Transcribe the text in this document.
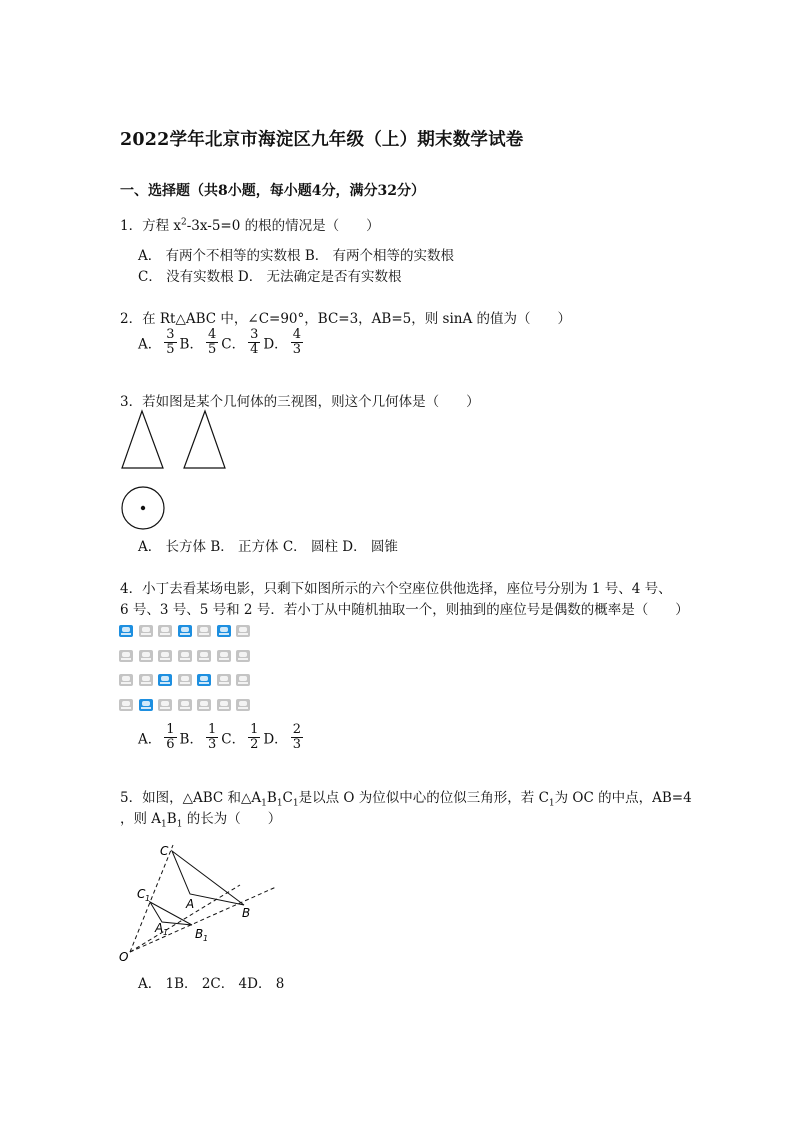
2022学年北京市海淀区九年级（上）期末数学试卷
一、选择题（共8小题，每小题4分，满分32分）
1．方程 $x^2-3x-5=0$ 的根的情况是（　　）
A． 有两个不相等的实数根 B． 有两个相等的实数根
C． 没有实数根 D． 无法确定是否有实数根
2．在 Rt△ABC 中，∠C=90°，BC=3，AB=5，则 sinA 的值为（　　）
A． $\frac{3}{5}$ B． $\frac{4}{5}$ C． $\frac{3}{4}$ D． $\frac{4}{3}$
3．若如图是某个几何体的三视图，则这个几何体是（　　）
A． 长方体 B． 正方体 C． 圆柱 D． 圆锥
4．小丁去看某场电影，只剩下如图所示的六个空座位供他选择，座位号分别为 1 号、4 号、
6 号、3 号、5 号和 2 号．若小丁从中随机抽取一个，则抽到的座位号是偶数的概率是（　　）
A． $\frac{1}{6}$ B． $\frac{1}{3}$ C． $\frac{1}{2}$ D． $\frac{2}{3}$
5．如图，△ABC 和$\triangle A_1B_1C_1$是以点 O 为位似中心的位似三角形，若 $C_1$为 OC 的中点，AB=4
，则 $A_1B_1$ 的长为（　　）
C
C 1	A
B
A 1 B 1
O
A． 1B． 2C． 4D． 8
